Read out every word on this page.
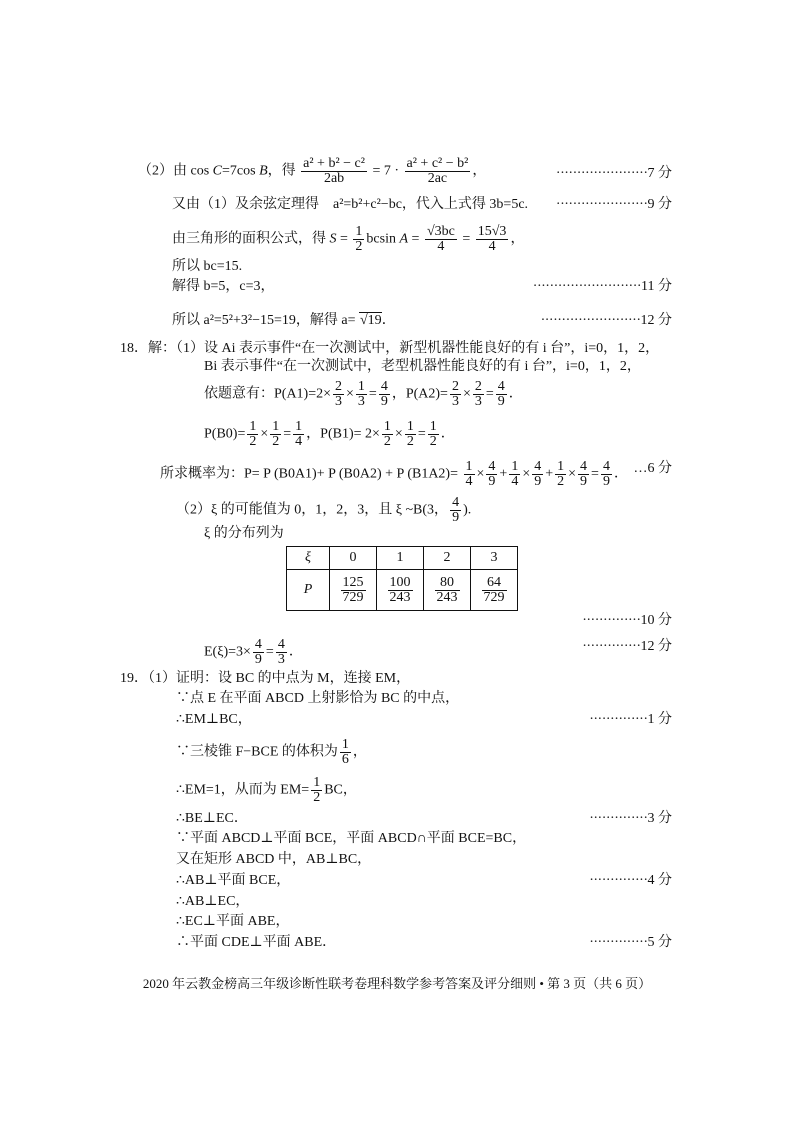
（2）由 cos C=7cos B，得 $\frac{\text{a² + b² − c²}}{2ab} = 7 \cdot \frac{\text{a² + c² − b²}}{2ac}$ ，	······················7 分
又由（1）及余弦定理得　a²=b²+c²−bc，代入上式得 3b=5c. ······················9 分
由三角形的面积公式，得 $S = \frac{1}{2}$ bcsin $A = \frac{√3bc}{4} = \frac{15√3}{4}$ ，
所以 bc=15.
解得 b=5，c=3，	··························11 分
所以 a²=5²+3²−15=19，解得 a= √19．	························12 分
18．解：（1）设 Ai 表示事件“在一次测试中，新型机器性能良好的有 i 台”，i=0，1，2，
Bi 表示事件“在一次测试中，老型机器性能良好的有 i 台”，i=0，1，2，
依题意有：$P(A1)=2\times \frac{2}{3} \times \frac{1}{3} = \frac{4}{9}$ ，$P(A2)= \frac{2}{3} \times \frac{2}{3} = \frac{4}{9}$ ．
$P(B0)= \frac{1}{2} \times \frac{1}{2} = \frac{1}{4}$ ，$P(B1)= 2\times \frac{1}{2} \times \frac{1}{2} = \frac{1}{2}$ ．
所求概率为：P= P (B0A1)+ P (B0A2) + P $(B1A2)= \frac{1}{4} \times \frac{4}{9} + \frac{1}{4} \times \frac{4}{9} + \frac{1}{2} \times \frac{4}{9} = \frac{4}{9}$ ． …6 分
（2）ξ 的可能值为 0，1，2，3，且 ξ ~B(3， $\frac{4}{9}$ ).
ξ 的分布列为
ξ	0	1	2	3
P	$\frac{125}{729}$	$\frac{100}{243}$	$\frac{80}{243}$	$\frac{64}{729}$
··············10 分
$E(\xi)=3\times \frac{4}{9} = \frac{4}{3}$ ．	··············12 分
19．（1）证明：设 BC 的中点为 M，连接 EM，
∵点 E 在平面 ABCD 上射影恰为 BC 的中点，
∴EM⊥BC，	··············1 分
∵三棱锥 F−BCE 的体积为 $\frac{1}{6}$ ，
∴EM=1，从而为 $EM= \frac{1}{2}$ BC，
∴BE⊥EC．	··············3 分
∵平面 ABCD⊥平面 BCE，平面 ABCD∩平面 BCE=BC，
又在矩形 ABCD 中，AB⊥BC，
∴AB⊥平面 BCE，	··············4 分
∴AB⊥EC，
∴EC⊥平面 ABE，
∴平面 CDE⊥平面 ABE．	··············5 分
2020 年云教金榜高三年级诊断性联考卷理科数学参考答案及评分细则 • 第 3 页（共 6 页）
